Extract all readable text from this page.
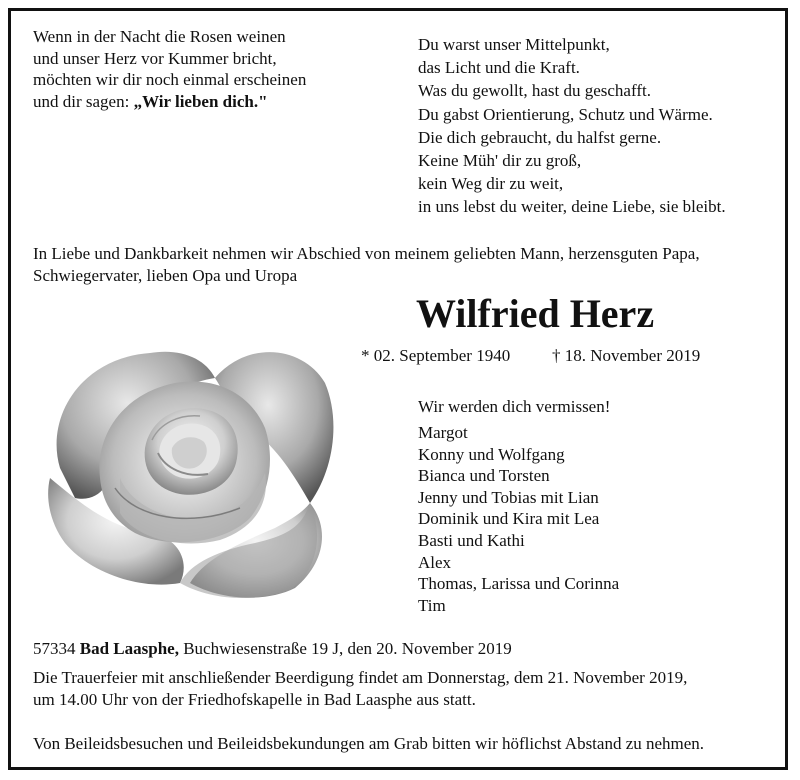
Wenn in der Nacht die Rosen weinen
und unser Herz vor Kummer bricht,
möchten wir dir noch einmal erscheinen
und dir sagen: „Wir lieben dich."
Du warst unser Mittelpunkt,
das Licht und die Kraft.
Was du gewollt, hast du geschafft.
Du gabst Orientierung, Schutz und Wärme.
Die dich gebraucht, du halfst gerne.
Keine Müh' dir zu groß,
kein Weg dir zu weit,
in uns lebst du weiter, deine Liebe, sie bleibt.
In Liebe und Dankbarkeit nehmen wir Abschied von meinem geliebten Mann, herzensguten Papa,
Schwiegervater, lieben Opa und Uropa
Wilfried Herz
* 02. September 1940 † 18. November 2019
Wir werden dich vermissen!
Margot
Konny und Wolfgang
Bianca und Torsten
Jenny und Tobias mit Lian
Dominik und Kira mit Lea
Basti und Kathi
Alex
Thomas, Larissa und Corinna
Tim
57334 Bad Laasphe, Buchwiesenstraße 19 J, den 20. November 2019
Die Trauerfeier mit anschließender Beerdigung findet am Donnerstag, dem 21. November 2019,
um 14.00 Uhr von der Friedhofskapelle in Bad Laasphe aus statt.
Von Beileidsbesuchen und Beileidsbekundungen am Grab bitten wir höflichst Abstand zu nehmen.
